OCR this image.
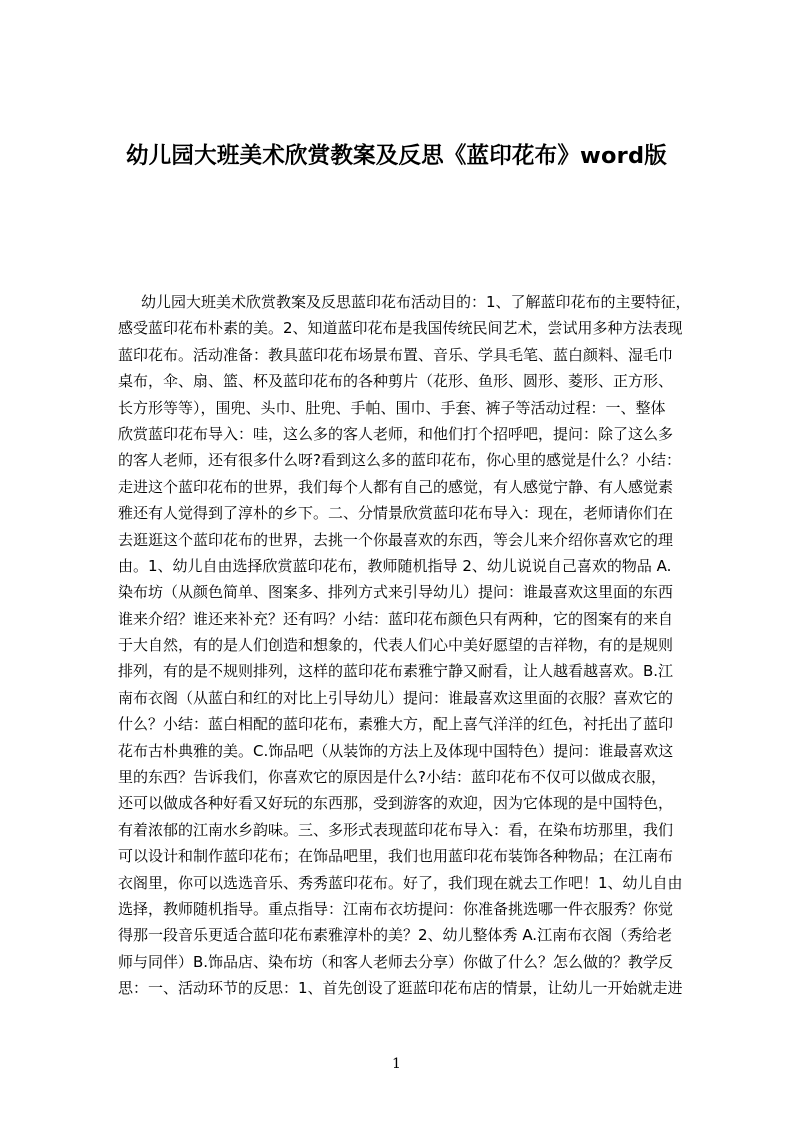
幼儿园大班美术欣赏教案及反思《蓝印花布》word版
幼儿园大班美术欣赏教案及反思蓝印花布活动目的：1、了解蓝印花布的主要特征，
感受蓝印花布朴素的美。2、知道蓝印花布是我国传统民间艺术，尝试用多种方法表现
蓝印花布。活动准备：教具蓝印花布场景布置、音乐、学具毛笔、蓝白颜料、湿毛巾
桌布，伞、扇、篮、杯及蓝印花布的各种剪片（花形、鱼形、圆形、菱形、正方形、
长方形等等），围兜、头巾、肚兜、手帕、围巾、手套、裤子等活动过程：一、整体
欣赏蓝印花布导入：哇，这么多的客人老师，和他们打个招呼吧，提问：除了这么多
的客人老师，还有很多什么呀?看到这么多的蓝印花布，你心里的感觉是什么？小结：
走进这个蓝印花布的世界，我们每个人都有自己的感觉，有人感觉宁静、有人感觉素
雅还有人觉得到了淳朴的乡下。二、分情景欣赏蓝印花布导入：现在，老师请你们在
去逛逛这个蓝印花布的世界，去挑一个你最喜欢的东西，等会儿来介绍你喜欢它的理
由。1、幼儿自由选择欣赏蓝印花布，教师随机指导 2、幼儿说说自己喜欢的物品 A.
染布坊（从颜色简单、图案多、排列方式来引导幼儿）提问：谁最喜欢这里面的东西
谁来介绍？谁还来补充？还有吗？小结：蓝印花布颜色只有两种，它的图案有的来自
于大自然，有的是人们创造和想象的，代表人们心中美好愿望的吉祥物，有的是规则
排列，有的是不规则排列，这样的蓝印花布素雅宁静又耐看，让人越看越喜欢。B.江
南布衣阁（从蓝白和红的对比上引导幼儿）提问：谁最喜欢这里面的衣服？喜欢它的
什么？小结：蓝白相配的蓝印花布，素雅大方，配上喜气洋洋的红色，衬托出了蓝印
花布古朴典雅的美。C.饰品吧（从装饰的方法上及体现中国特色）提问：谁最喜欢这
里的东西？告诉我们，你喜欢它的原因是什么?小结：蓝印花布不仅可以做成衣服，
还可以做成各种好看又好玩的东西那，受到游客的欢迎，因为它体现的是中国特色，
有着浓郁的江南水乡韵味。三、多形式表现蓝印花布导入：看，在染布坊那里，我们
可以设计和制作蓝印花布；在饰品吧里，我们也用蓝印花布装饰各种物品；在江南布
衣阁里，你可以选选音乐、秀秀蓝印花布。好了，我们现在就去工作吧！1、幼儿自由
选择，教师随机指导。重点指导：江南布衣坊提问：你准备挑选哪一件衣服秀？你觉
得那一段音乐更适合蓝印花布素雅淳朴的美？2、幼儿整体秀 A.江南布衣阁（秀给老
师与同伴）B.饰品店、染布坊（和客人老师去分享）你做了什么？怎么做的？教学反
思：一、活动环节的反思：1、首先创设了逛蓝印花布店的情景，让幼儿一开始就走进
1
